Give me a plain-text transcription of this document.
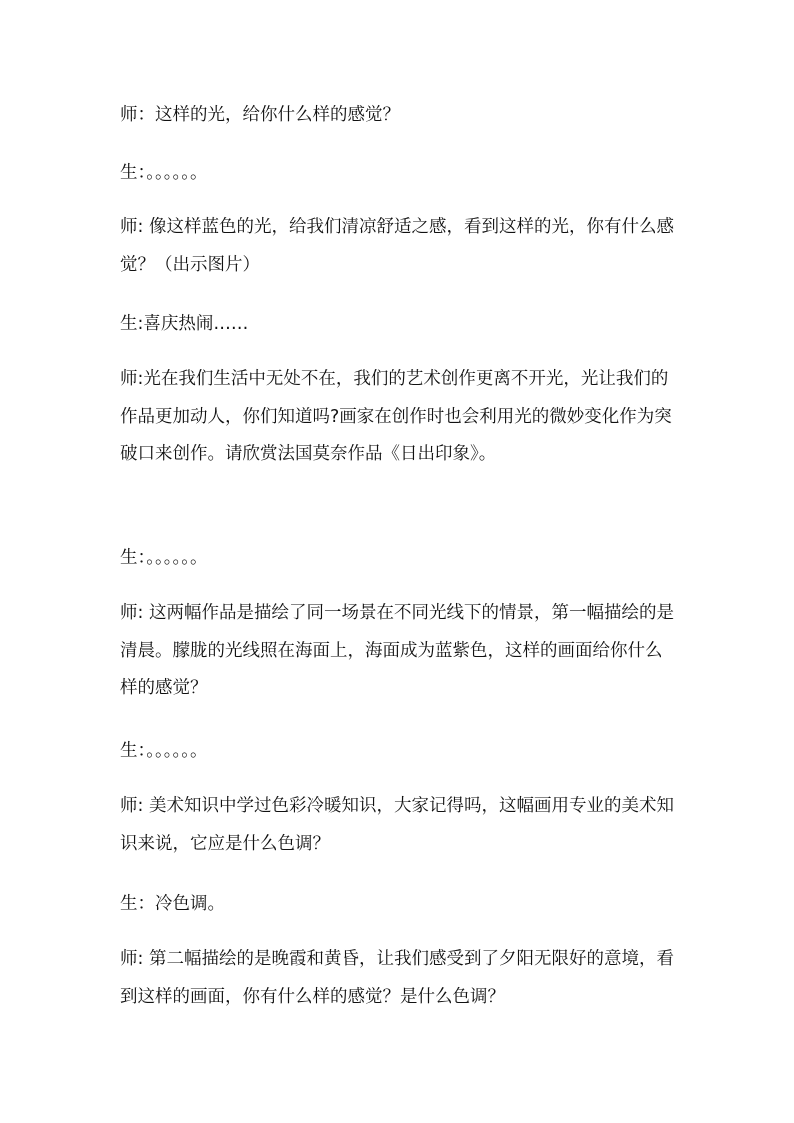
师：这样的光，给你什么样的感觉？

生：。。。。。。

师: 像这样蓝色的光，给我们清凉舒适之感，看到这样的光，你有什么感觉？（出示图片）

生:喜庆热闹……

师:光在我们生活中无处不在，我们的艺术创作更离不开光，光让我们的作品更加动人，你们知道吗?画家在创作时也会利用光的微妙变化作为突破口来创作。请欣赏法国莫奈作品《日出印象》。

生：。。。。。。

师: 这两幅作品是描绘了同一场景在不同光线下的情景，第一幅描绘的是清晨。朦胧的光线照在海面上，海面成为蓝紫色，这样的画面给你什么样的感觉？

生：。。。。。。

师: 美术知识中学过色彩冷暖知识，大家记得吗，这幅画用专业的美术知识来说，它应是什么色调？

生：冷色调。

师: 第二幅描绘的是晚霞和黄昏，让我们感受到了夕阳无限好的意境，看到这样的画面，你有什么样的感觉？是什么色调？
